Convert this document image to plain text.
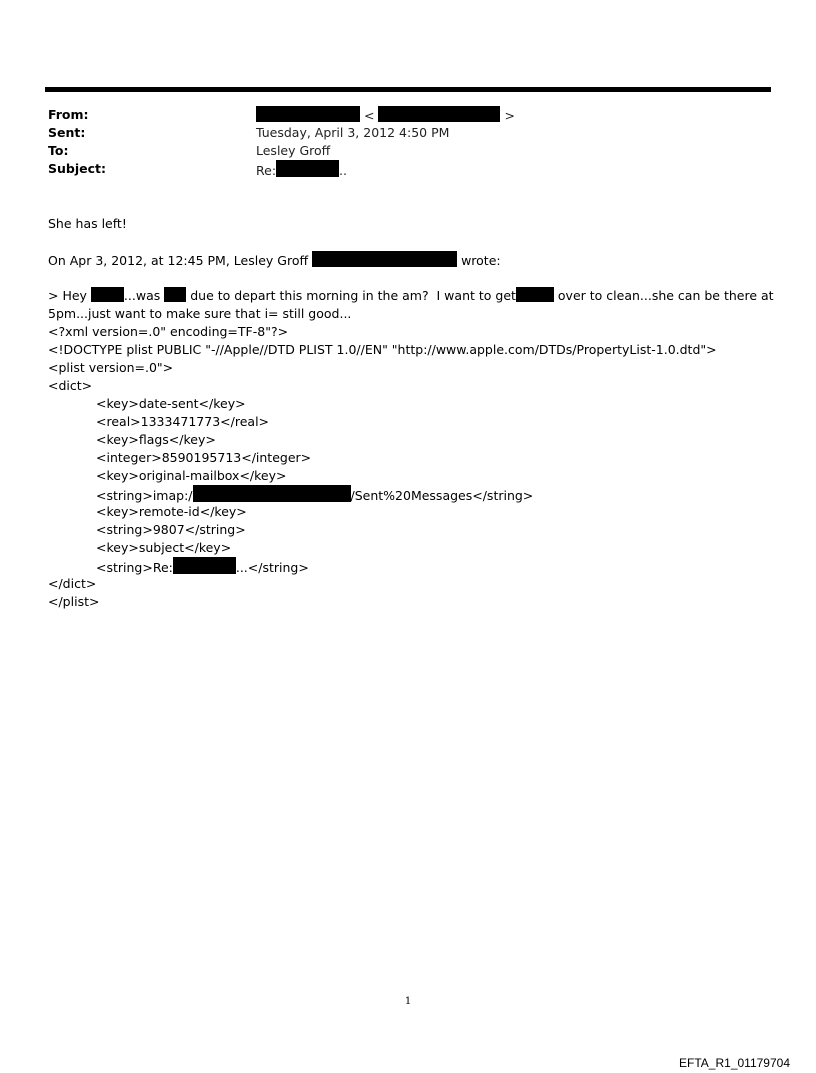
From:	<	>
Sent:	Tuesday, April 3, 2012 4:50 PM
To:	Lesley Groff
Subject:	Re:	..
She has left!
On Apr 3, 2012, at 12:45 PM, Lesley Groff	wrote:
> Hey	...was due to depart this morning in the am?  I want to get	over to clean...she can be there at
5pm...just want to make sure that i= still good...
<?xml version=.0" encoding=TF-8"?>
<!DOCTYPE plist PUBLIC "-//Apple//DTD PLIST 1.0//EN" "http://www.apple.com/DTDs/PropertyList-1.0.dtd">
<plist version=.0">
<dict>
<key>date-sent</key>
<real>1333471773</real>
<key>flags</key>
<integer>8590195713</integer>
<key>original-mailbox</key>
<string>imap:/	/Sent%20Messages</string>
<key>remote-id</key>
<string>9807</string>
<key>subject</key>
<string>Re:	...</string>
</dict>
</plist>
1
EFTA_R1_01179704
